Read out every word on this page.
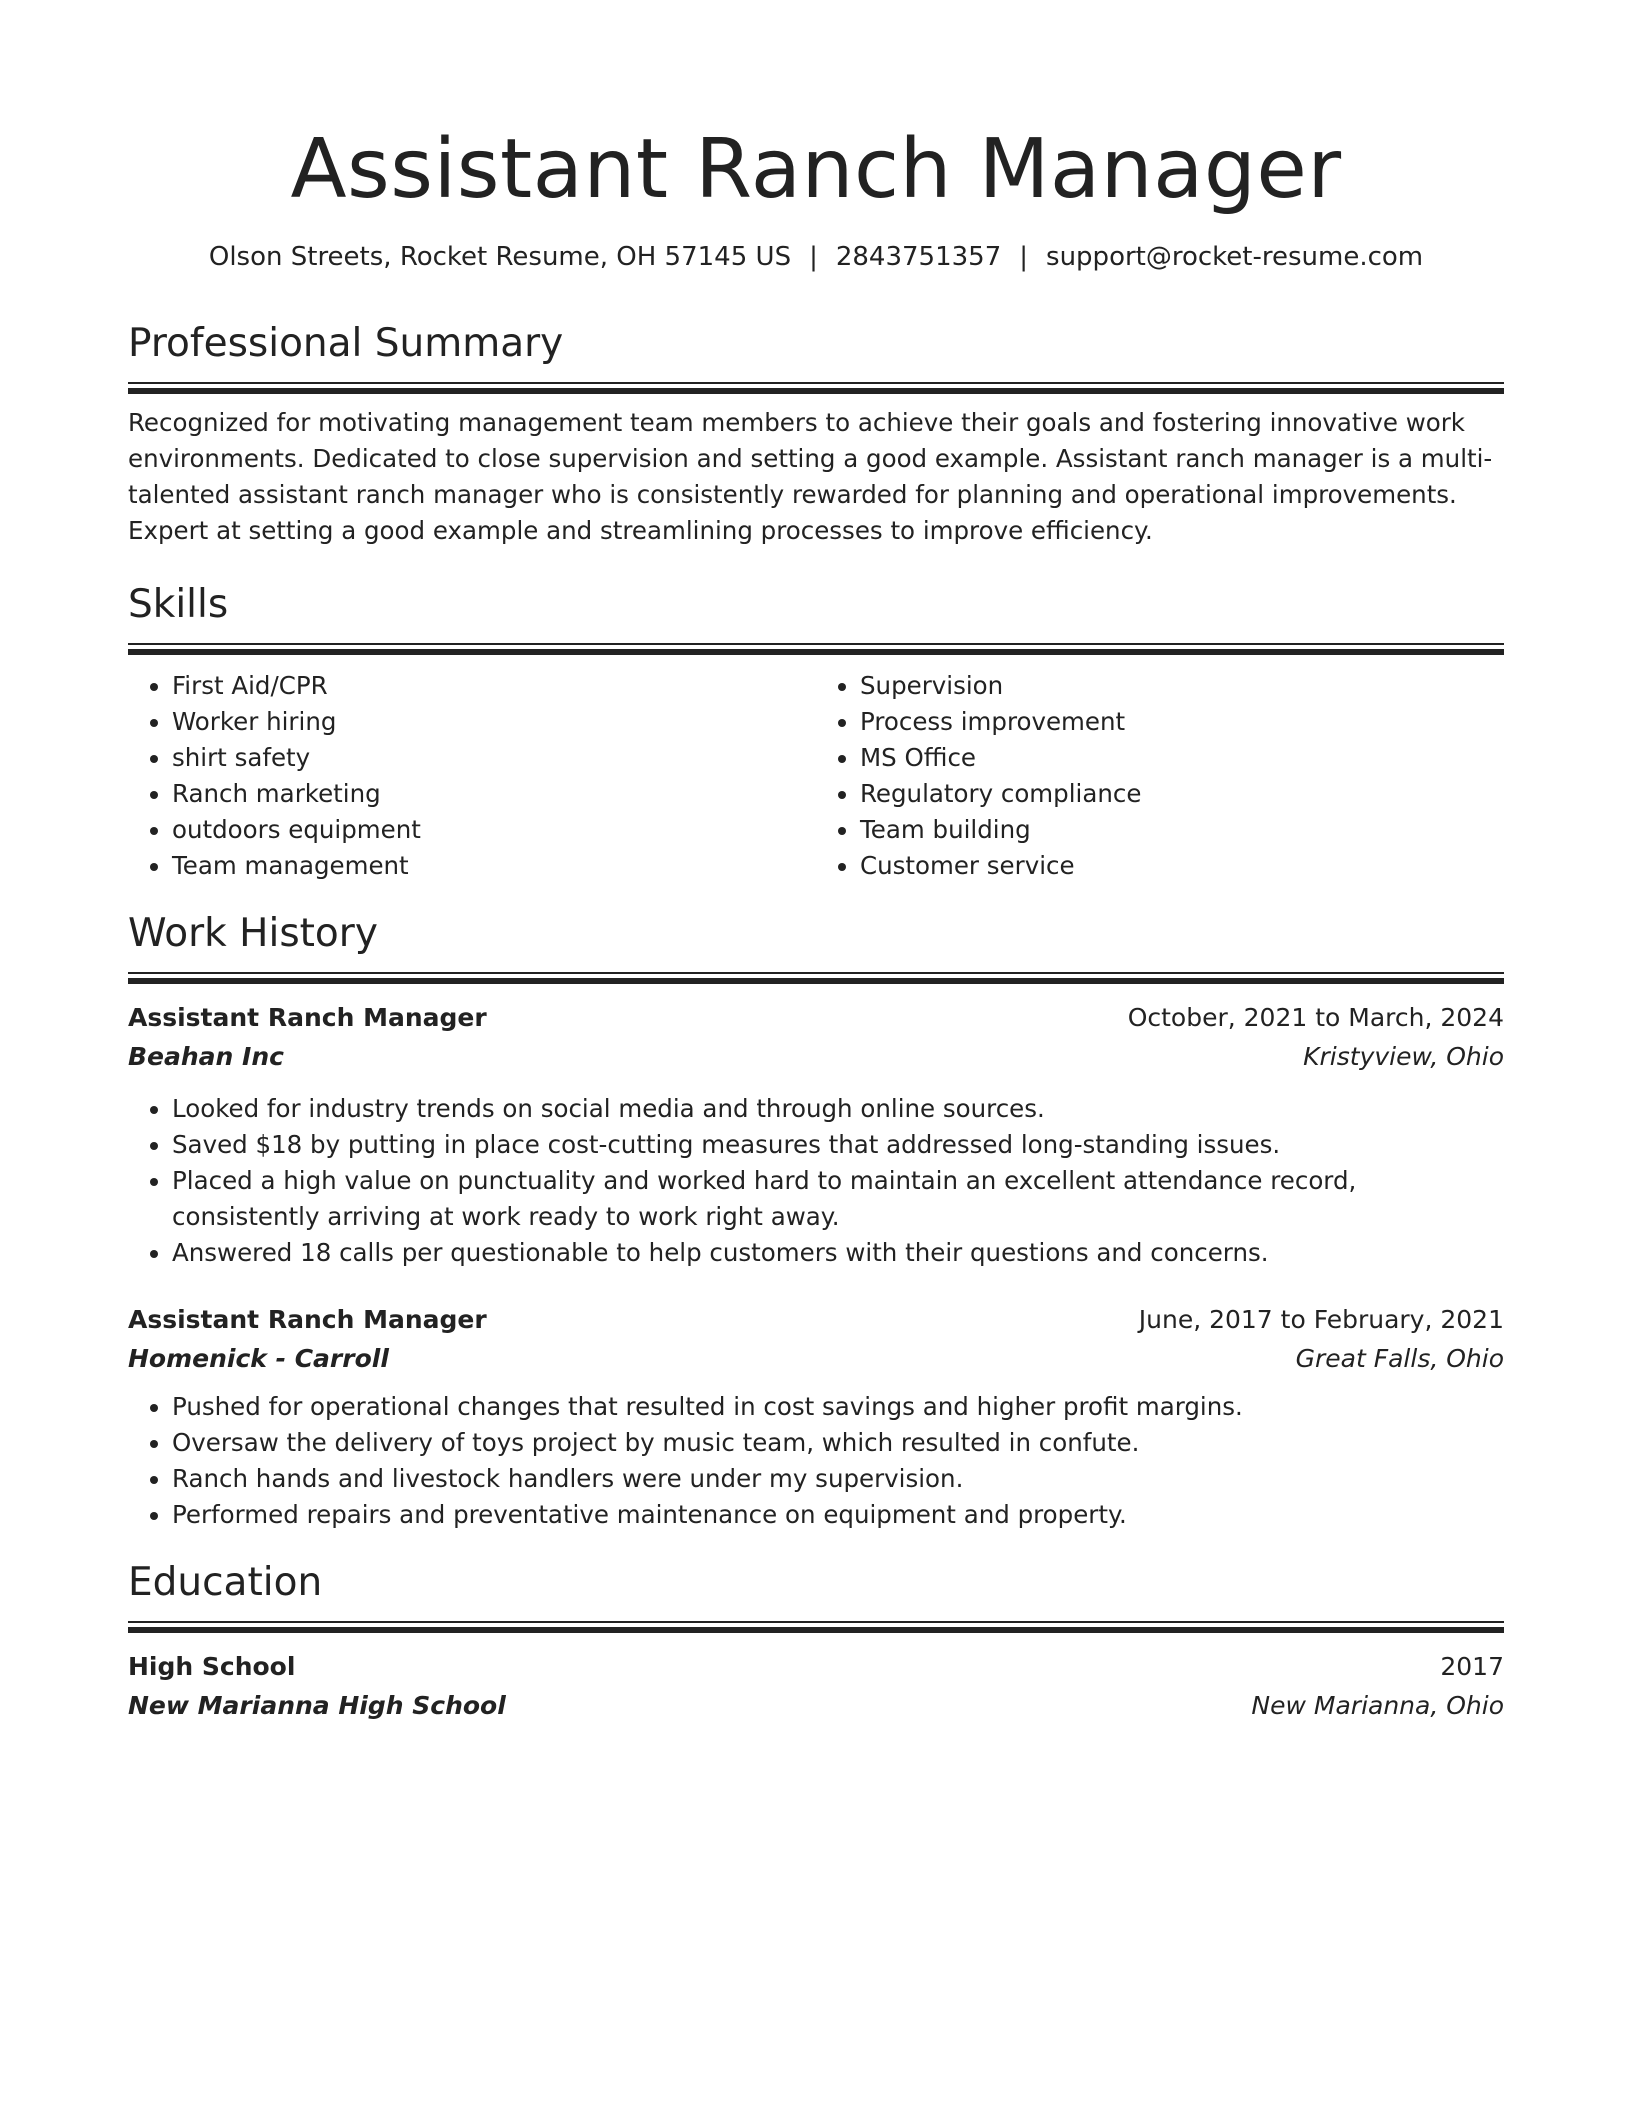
Assistant Ranch Manager
Olson Streets, Rocket Resume, OH 57145 US | 2843751357 | support@rocket-resume.com
Professional Summary

Recognized for motivating management team members to achieve their goals and fostering innovative work environments. Dedicated to close supervision and setting a good example. Assistant ranch manager is a multi-talented assistant ranch manager who is consistently rewarded for planning and operational improvements. Expert at setting a good example and streamlining processes to improve efficiency.

Skills
• First Aid/CPR
• Worker hiring
• shirt safety
• Ranch marketing
• outdoors equipment
• Team management
• Supervision
• Process improvement
• MS Office
• Regulatory compliance
• Team building
• Customer service
Work History
Assistant Ranch Manager	October, 2021 to March, 2024
Beahan Inc	Kristyview, Ohio
• Looked for industry trends on social media and through online sources.
• Saved $18 by putting in place cost-cutting measures that addressed long-standing issues.
• Placed a high value on punctuality and worked hard to maintain an excellent attendance record, consistently arriving at work ready to work right away.
• Answered 18 calls per questionable to help customers with their questions and concerns.
Assistant Ranch Manager	June, 2017 to February, 2021
Homenick - Carroll	Great Falls, Ohio
• Pushed for operational changes that resulted in cost savings and higher profit margins.
• Oversaw the delivery of toys project by music team, which resulted in confute.
• Ranch hands and livestock handlers were under my supervision.
• Performed repairs and preventative maintenance on equipment and property.
Education
High School	2017
New Marianna High School	New Marianna, Ohio
